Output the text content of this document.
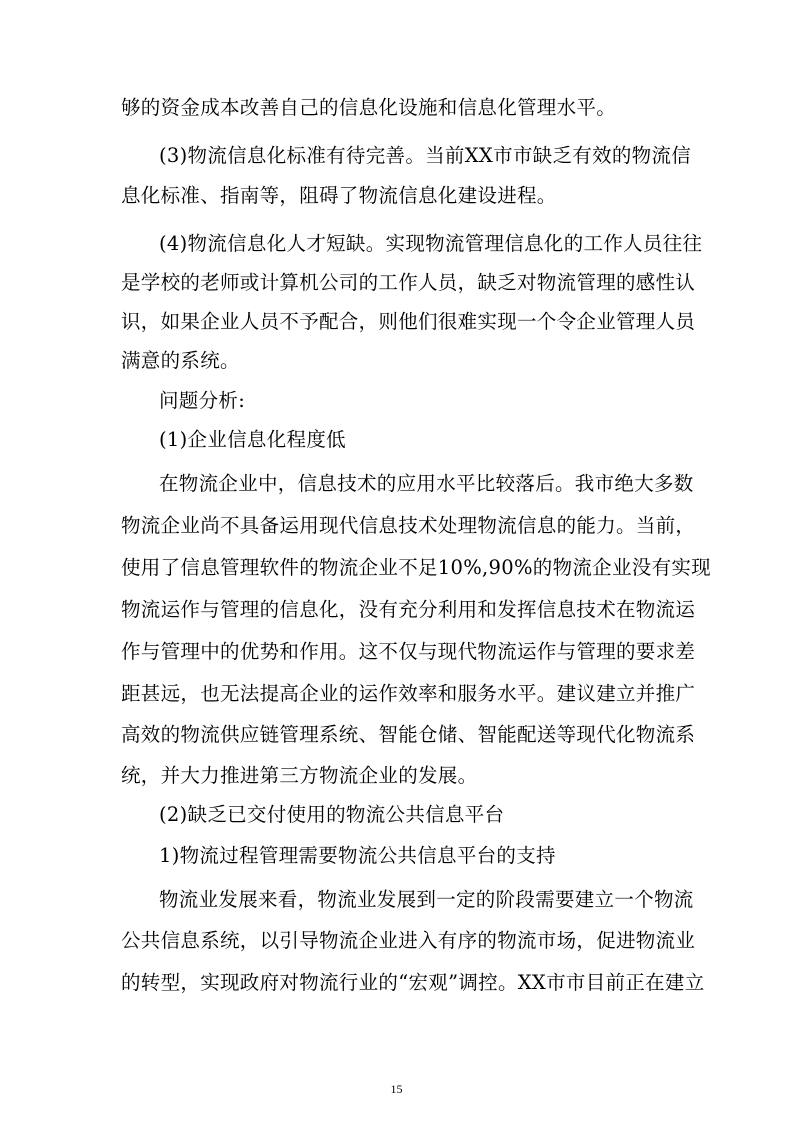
够的资金成本改善自己的信息化设施和信息化管理水平。
(3)物流信息化标准有待完善。当前XX市市缺乏有效的物流信
息化标准、指南等，阻碍了物流信息化建设进程。
(4)物流信息化人才短缺。实现物流管理信息化的工作人员往往
是学校的老师或计算机公司的工作人员，缺乏对物流管理的感性认
识，如果企业人员不予配合，则他们很难实现一个令企业管理人员
满意的系统。
问题分析:
(1)企业信息化程度低
在物流企业中，信息技术的应用水平比较落后。我市绝大多数
物流企业尚不具备运用现代信息技术处理物流信息的能力。当前，
使用了信息管理软件的物流企业不足10%,90%的物流企业没有实现
物流运作与管理的信息化，没有充分利用和发挥信息技术在物流运
作与管理中的优势和作用。这不仅与现代物流运作与管理的要求差
距甚远，也无法提高企业的运作效率和服务水平。建议建立并推广
高效的物流供应链管理系统、智能仓储、智能配送等现代化物流系
统，并大力推进第三方物流企业的发展。
(2)缺乏已交付使用的物流公共信息平台
1)物流过程管理需要物流公共信息平台的支持
物流业发展来看，物流业发展到一定的阶段需要建立一个物流
公共信息系统，以引导物流企业进入有序的物流市场，促进物流业
的转型，实现政府对物流行业的“宏观”调控。XX市市目前正在建立
15
